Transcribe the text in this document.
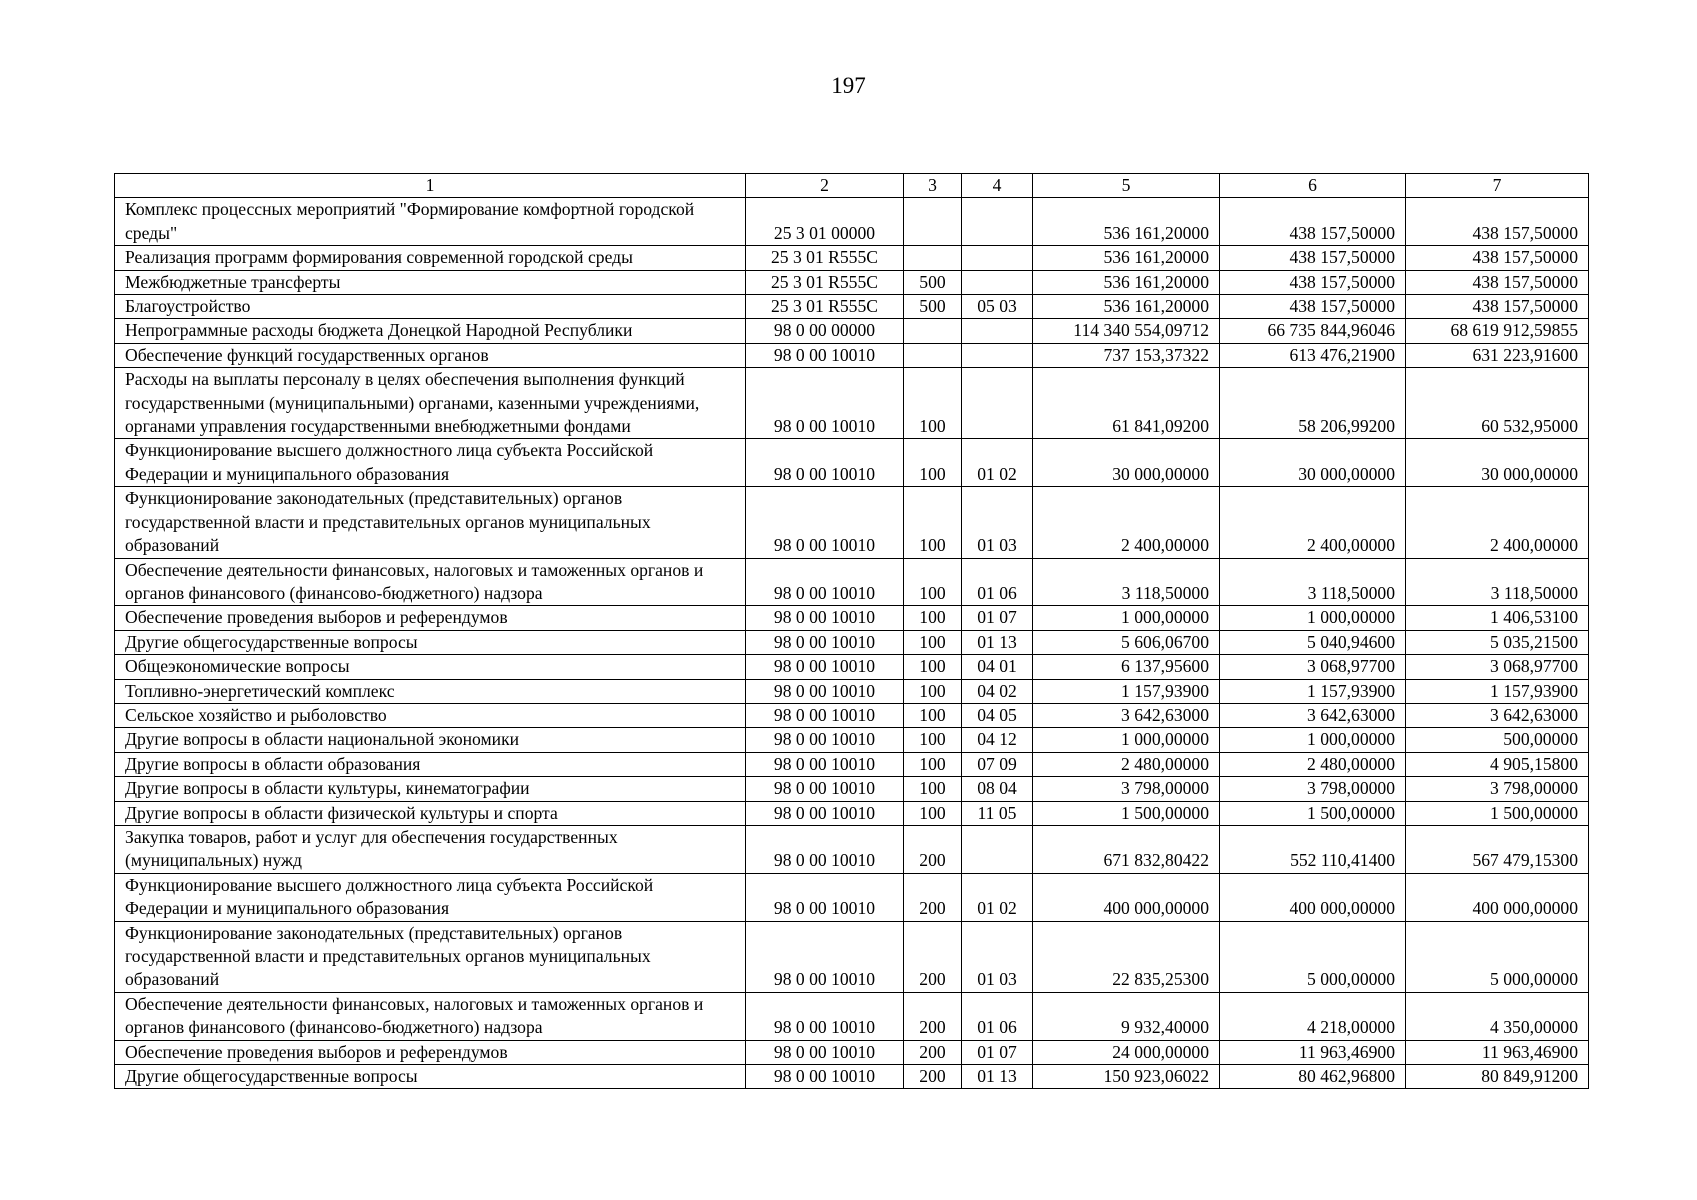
197
1	2	3	4	5	6	7
Комплекс процессных мероприятий "Формирование комфортной городской среды"	25 3 01 00000			536 161,20000	438 157,50000	438 157,50000
Реализация программ формирования современной городской среды	25 3 01 R555C			536 161,20000	438 157,50000	438 157,50000
Межбюджетные трансферты	25 3 01 R555C	500		536 161,20000	438 157,50000	438 157,50000
Благоустройство	25 3 01 R555C	500	05 03	536 161,20000	438 157,50000	438 157,50000
Непрограммные расходы бюджета Донецкой Народной Республики	98 0 00 00000			114 340 554,09712	66 735 844,96046	68 619 912,59855
Обеспечение функций государственных органов	98 0 00 10010			737 153,37322	613 476,21900	631 223,91600
Расходы на выплаты персоналу в целях обеспечения выполнения функций государственными (муниципальными) органами, казенными учреждениями, органами управления государственными внебюджетными фондами	98 0 00 10010	100		61 841,09200	58 206,99200	60 532,95000
Функционирование высшего должностного лица субъекта Российской Федерации и муниципального образования	98 0 00 10010	100	01 02	30 000,00000	30 000,00000	30 000,00000
Функционирование законодательных (представительных) органов государственной власти и представительных органов муниципальных образований	98 0 00 10010	100	01 03	2 400,00000	2 400,00000	2 400,00000
Обеспечение деятельности финансовых, налоговых и таможенных органов и органов финансового (финансово-бюджетного) надзора	98 0 00 10010	100	01 06	3 118,50000	3 118,50000	3 118,50000
Обеспечение проведения выборов и референдумов	98 0 00 10010	100	01 07	1 000,00000	1 000,00000	1 406,53100
Другие общегосударственные вопросы	98 0 00 10010	100	01 13	5 606,06700	5 040,94600	5 035,21500
Общеэкономические вопросы	98 0 00 10010	100	04 01	6 137,95600	3 068,97700	3 068,97700
Топливно-энергетический комплекс	98 0 00 10010	100	04 02	1 157,93900	1 157,93900	1 157,93900
Сельское хозяйство и рыболовство	98 0 00 10010	100	04 05	3 642,63000	3 642,63000	3 642,63000
Другие вопросы в области национальной экономики	98 0 00 10010	100	04 12	1 000,00000	1 000,00000	500,00000
Другие вопросы в области образования	98 0 00 10010	100	07 09	2 480,00000	2 480,00000	4 905,15800
Другие вопросы в области культуры, кинематографии	98 0 00 10010	100	08 04	3 798,00000	3 798,00000	3 798,00000
Другие вопросы в области физической культуры и спорта	98 0 00 10010	100	11 05	1 500,00000	1 500,00000	1 500,00000
Закупка товаров, работ и услуг для обеспечения государственных (муниципальных) нужд	98 0 00 10010	200		671 832,80422	552 110,41400	567 479,15300
Функционирование высшего должностного лица субъекта Российской Федерации и муниципального образования	98 0 00 10010	200	01 02	400 000,00000	400 000,00000	400 000,00000
Функционирование законодательных (представительных) органов государственной власти и представительных органов муниципальных образований	98 0 00 10010	200	01 03	22 835,25300	5 000,00000	5 000,00000
Обеспечение деятельности финансовых, налоговых и таможенных органов и органов финансового (финансово-бюджетного) надзора	98 0 00 10010	200	01 06	9 932,40000	4 218,00000	4 350,00000
Обеспечение проведения выборов и референдумов	98 0 00 10010	200	01 07	24 000,00000	11 963,46900	11 963,46900
Другие общегосударственные вопросы	98 0 00 10010	200	01 13	150 923,06022	80 462,96800	80 849,91200
